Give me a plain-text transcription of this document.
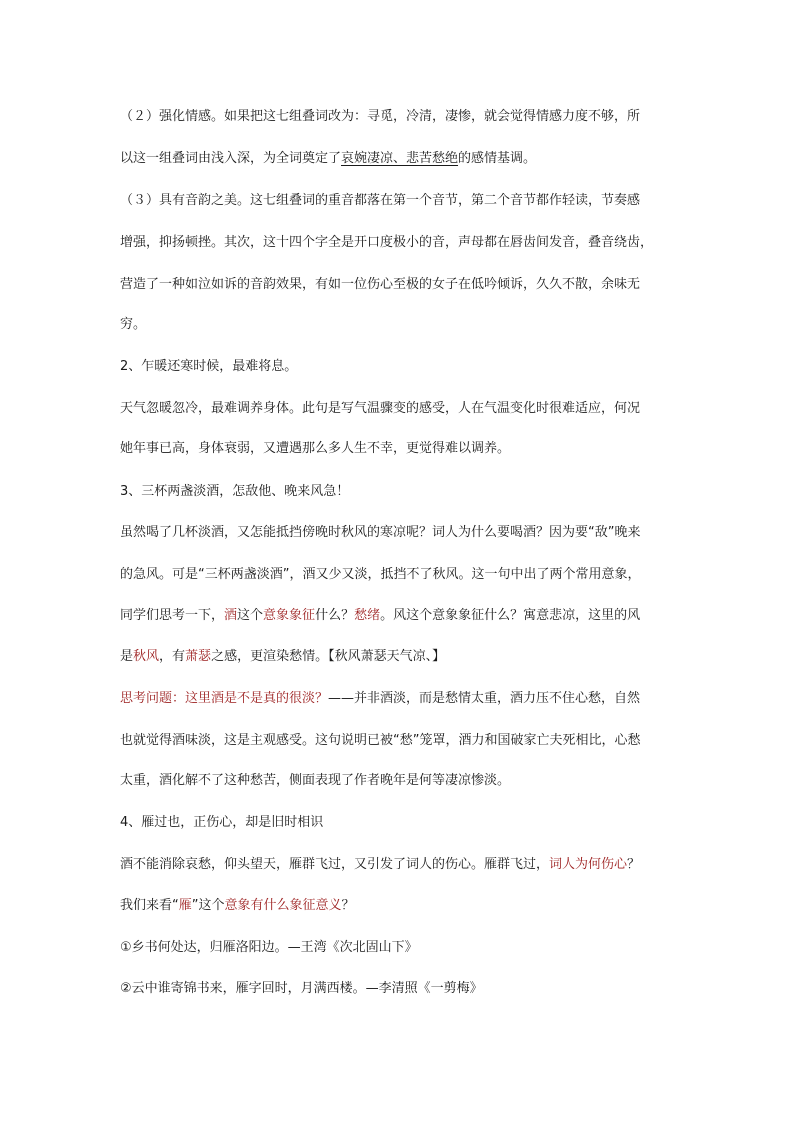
（２）强化情感。如果把这七组叠词改为：寻觅，冷清，凄惨，就会觉得情感力度不够，所
以这一组叠词由浅入深，为全词奠定了哀婉凄凉、悲苦愁绝的感情基调。
（３）具有音韵之美。这七组叠词的重音都落在第一个音节，第二个音节都作轻读，节奏感
增强，抑扬顿挫。其次，这十四个字全是开口度极小的音，声母都在唇齿间发音，叠音绕齿，
营造了一种如泣如诉的音韵效果，有如一位伤心至极的女子在低吟倾诉，久久不散，余味无
穷。
2、乍暖还寒时候，最难将息。
天气忽暖忽冷，最难调养身体。此句是写气温骤变的感受，人在气温变化时很难适应，何况
她年事已高，身体衰弱，又遭遇那么多人生不幸，更觉得难以调养。
3、三杯两盏淡酒，怎敌他、晚来风急！
虽然喝了几杯淡酒，又怎能抵挡傍晚时秋风的寒凉呢？词人为什么要喝酒？因为要“敌”晚来
的急风。可是“三杯两盏淡酒”，酒又少又淡，抵挡不了秋风。这一句中出了两个常用意象，
同学们思考一下，酒这个意象象征什么？愁绪。风这个意象象征什么？寓意悲凉，这里的风
是秋风，有萧瑟之感，更渲染愁情。【秋风萧瑟天气凉、】
思考问题：这里酒是不是真的很淡？——并非酒淡，而是愁情太重，酒力压不住心愁，自然
也就觉得酒味淡，这是主观感受。这句说明已被“愁”笼罩，酒力和国破家亡夫死相比，心愁
太重，酒化解不了这种愁苦，侧面表现了作者晚年是何等凄凉惨淡。
4、雁过也，正伤心，却是旧时相识
酒不能消除哀愁，仰头望天，雁群飞过，又引发了词人的伤心。雁群飞过，词人为何伤心？
我们来看“雁”这个意象有什么象征意义？
①乡书何处达，归雁洛阳边。—王湾《次北固山下》
②云中谁寄锦书来，雁字回时，月满西楼。—李清照《一剪梅》
